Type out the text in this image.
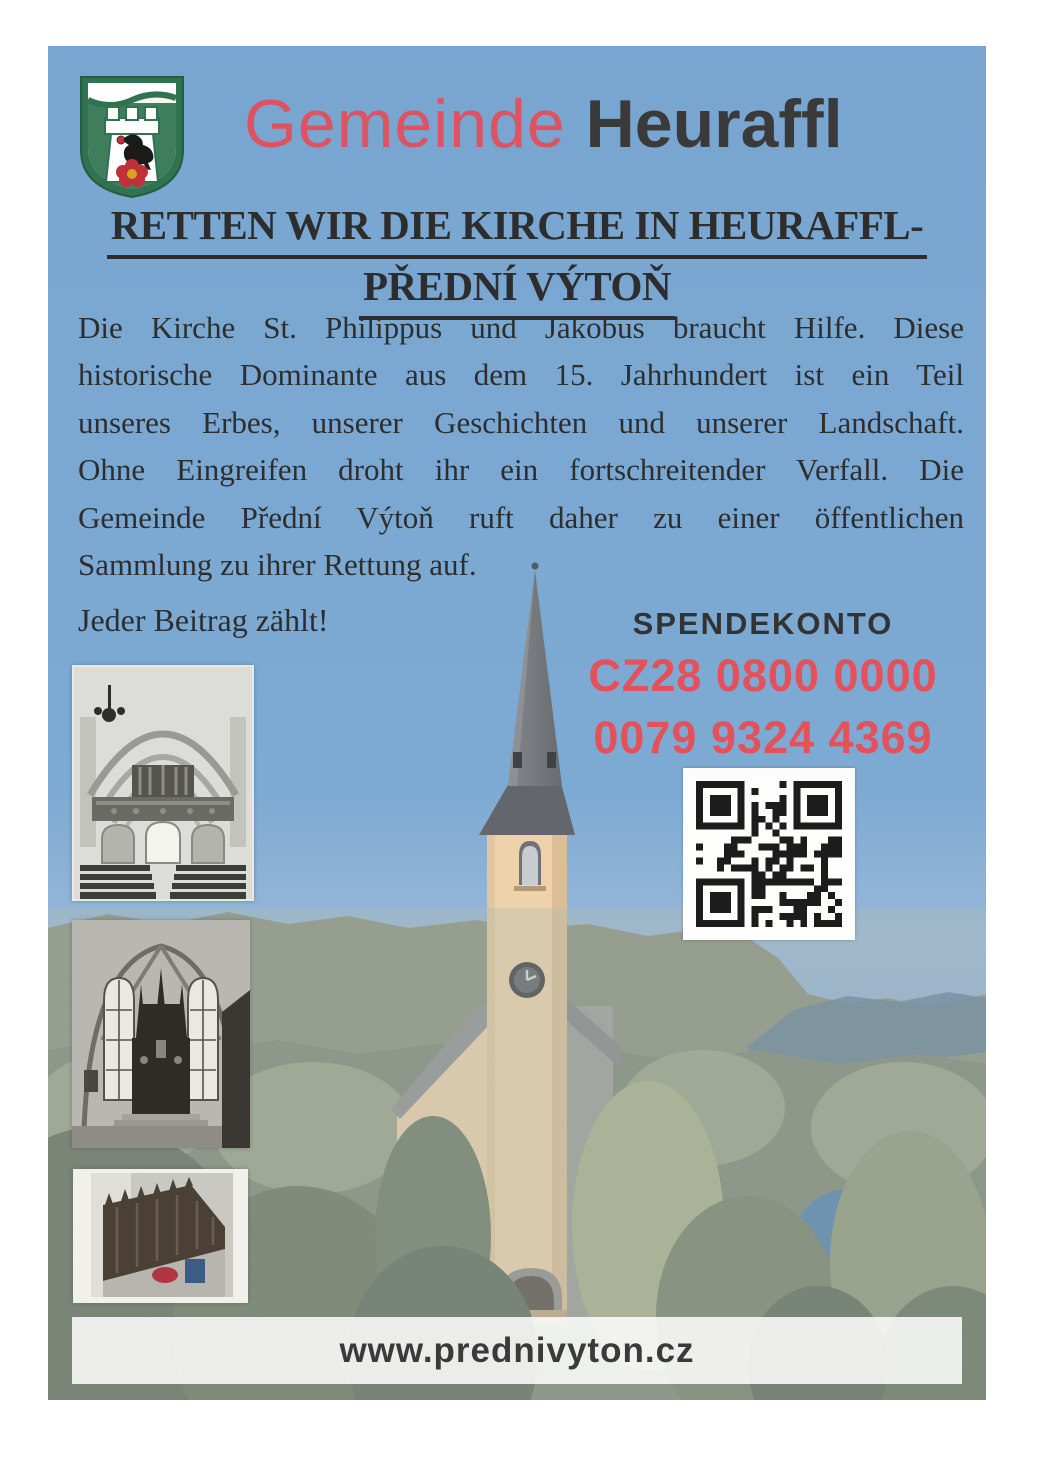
Gemeinde Heuraffl
RETTEN WIR DIE KIRCHE IN HEURAFFL-
PŘEDNÍ VÝTOŇ
Die Kirche St. Philippus und Jakobus braucht Hilfe. Diese
historische Dominante aus dem 15. Jahrhundert ist ein Teil
unseres Erbes, unserer Geschichten und unserer Landschaft.
Ohne Eingreifen droht ihr ein fortschreitender Verfall. Die
Gemeinde Přední Výtoň ruft daher zu einer öffentlichen
Sammlung zu ihrer Rettung auf.
Jeder Beitrag zählt!	SPENDEKONTO
CZ28 0800 0000
0079 9324 4369
www.prednivyton.cz
